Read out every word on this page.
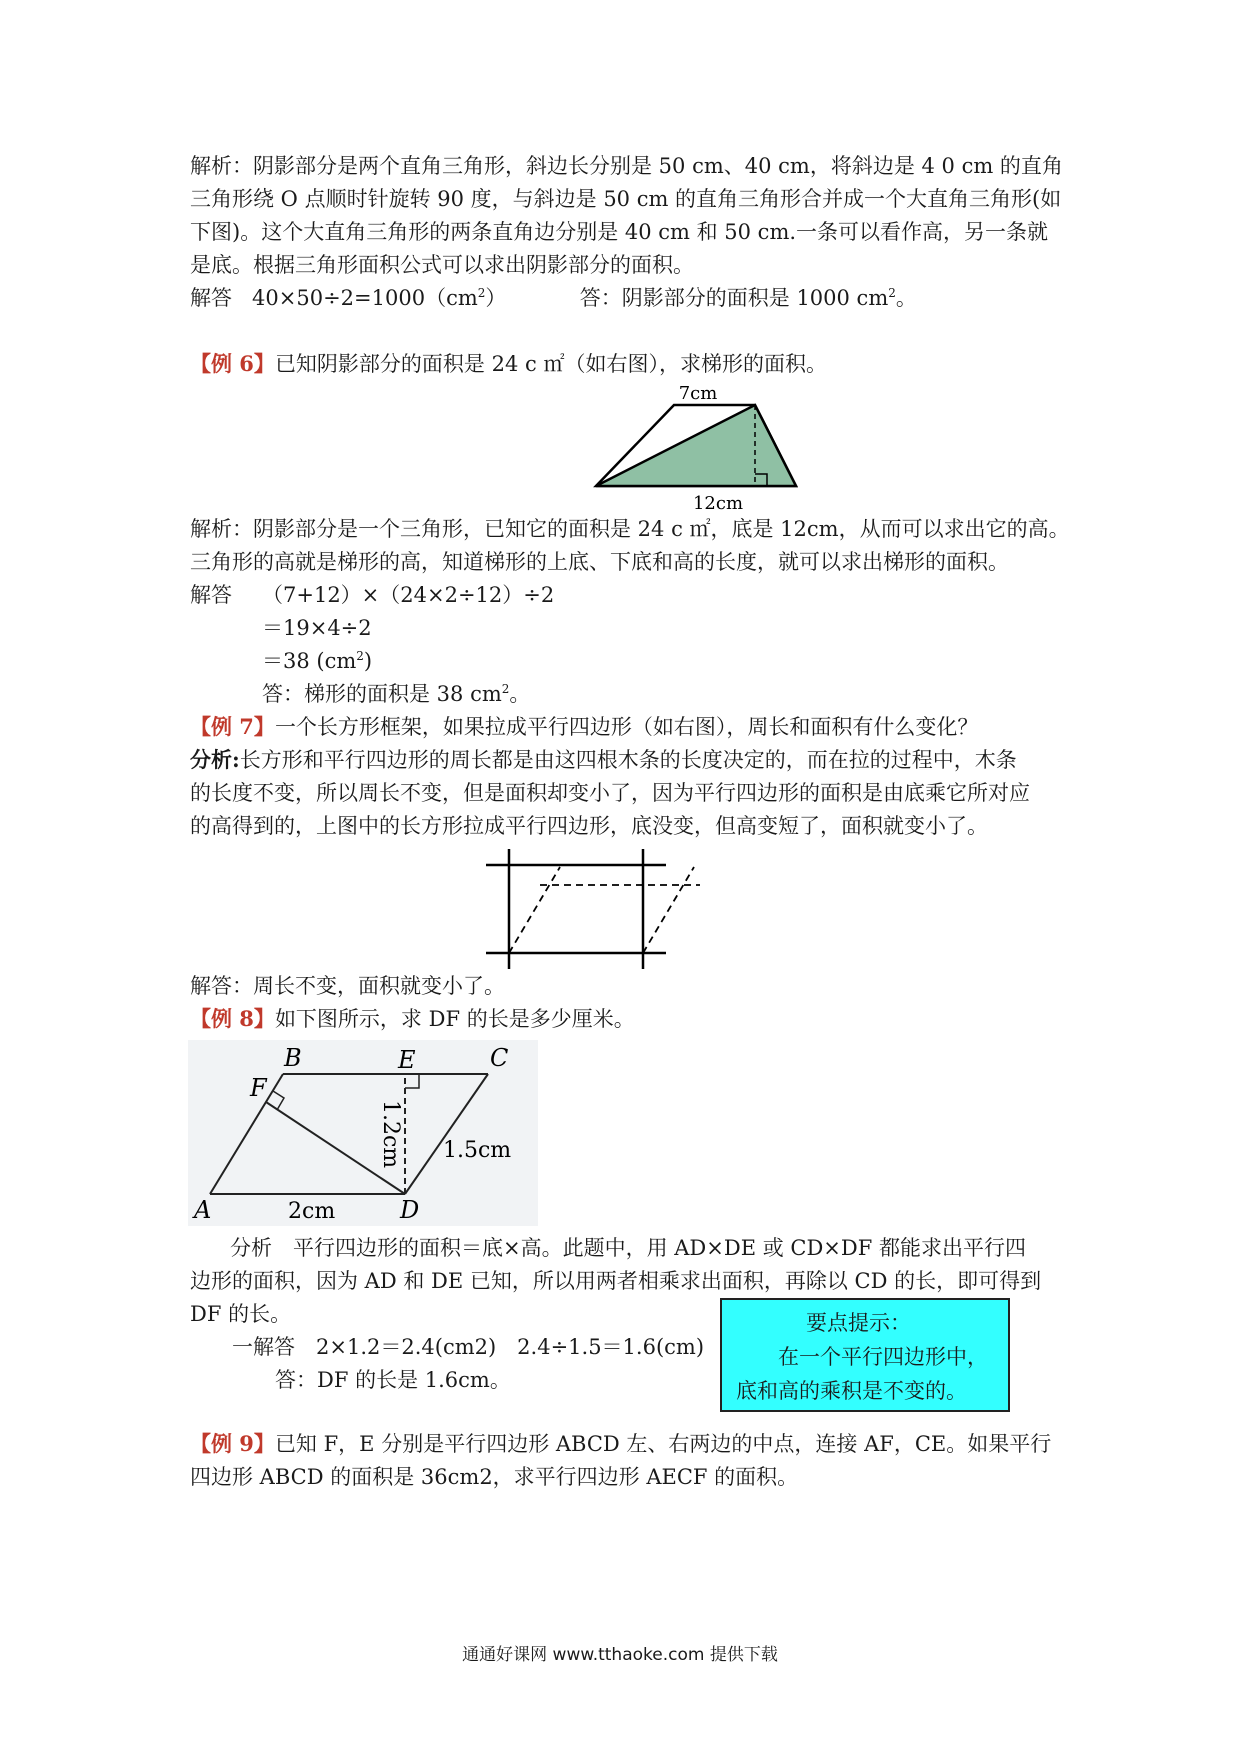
解析：阴影部分是两个直角三角形，斜边长分别是 50 cm、40 cm，将斜边是 4 0 cm 的直角
三角形绕 O 点顺时针旋转 90 度，与斜边是 50 cm 的直角三角形合并成一个大直角三角形(如
下图)。这个大直角三角形的两条直角边分别是 40 cm 和 50 cm.一条可以看作高，另一条就
是底。根据三角形面积公式可以求出阴影部分的面积。
解答 $40\times 50\div 2=1000(cm^2)$	答：阴影部分的面积是 1000 $cm^2$。
【例 6】已知阴影部分的面积是 24 c ㎡（如右图），求梯形的面积。
7cm
12cm
解析：阴影部分是一个三角形，已知它的面积是 24 c ㎡，底是 12cm，从而可以求出它的高。
三角形的高就是梯形的高，知道梯形的上底、下底和高的长度，就可以求出梯形的面积。
解答 （7+12）×（24×2÷12）÷2
＝19×4÷2
＝38 $(cm^2)$
答：梯形的面积是 38 $cm^2$。
【例 7】一个长方形框架，如果拉成平行四边形（如右图），周长和面积有什么变化？
分析:长方形和平行四边形的周长都是由这四根木条的长度决定的，而在拉的过程中，木条
的长度不变，所以周长不变，但是面积却变小了，因为平行四边形的面积是由底乘它所对应
的高得到的，上图中的长方形拉成平行四边形，底没变，但高变短了，面积就变小了。
解答：周长不变，面积就变小了。
【例 8】如下图所示，求 DF 的长是多少厘米。
A
B	C
D
E
F
2cm
1.2cm 1.5cm
分析　平行四边形的面积＝底×高。此题中，用 AD×DE 或 CD×DF 都能求出平行四
边形的面积，因为 AD 和 DE 已知，所以用两者相乘求出面积，再除以 CD 的长，即可得到
DF 的长。
一解答　2×1.2＝2.4(cm2)　2.4÷1.5＝1.6(cm)
答：DF 的长是 1.6cm。
要点提示：
在一个平行四边形中，
底和高的乘积是不变的。
【例 9】已知 F，E 分别是平行四边形 ABCD 左、右两边的中点，连接 AF，CE。如果平行
四边形 ABCD 的面积是 36cm2，求平行四边形 AECF 的面积。
通通好课网 www.tthaoke.com 提供下载
